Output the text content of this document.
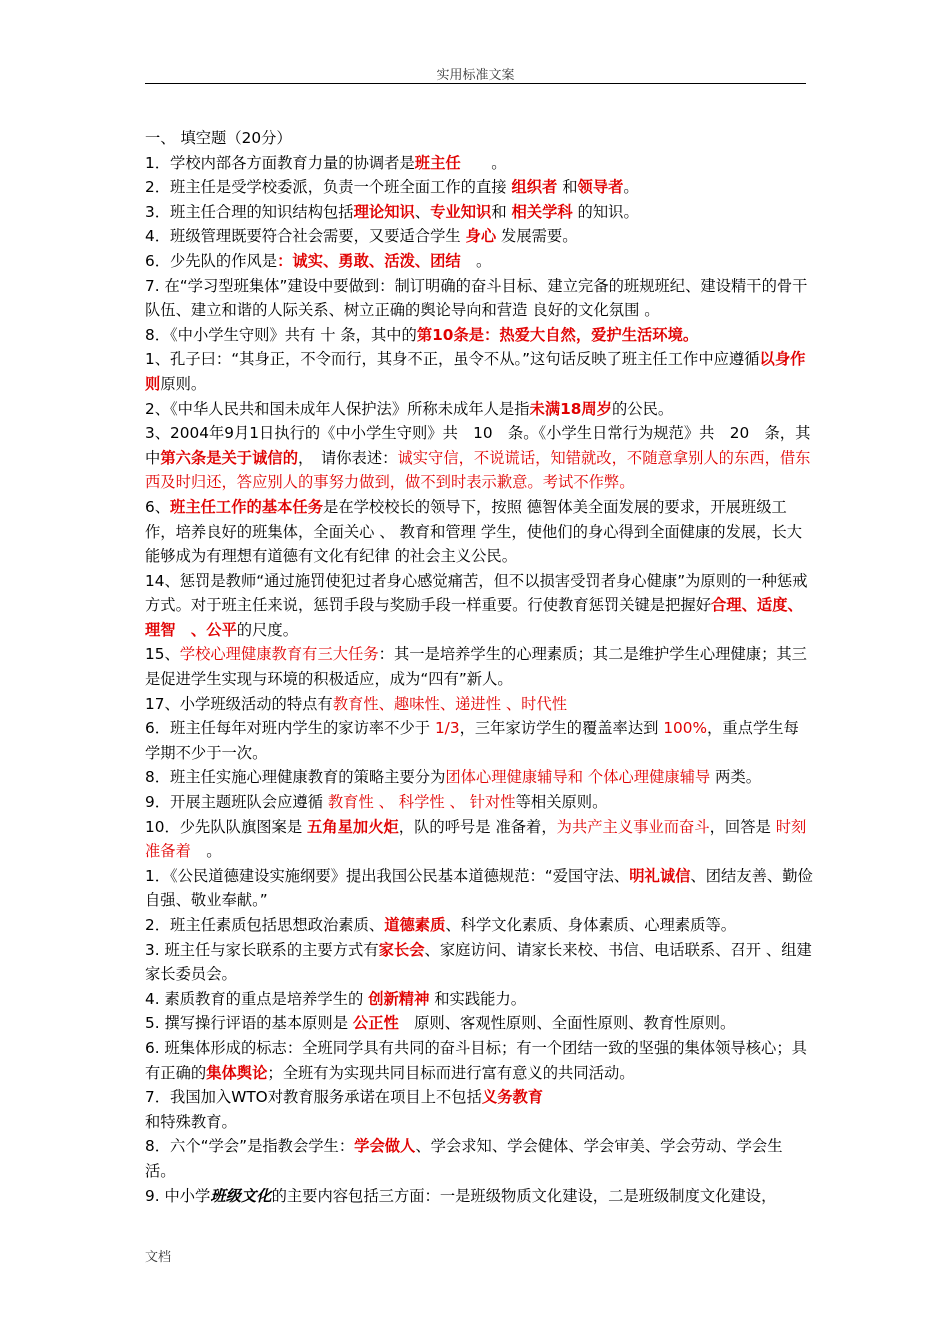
实用标准文案

一、 填空题（20分）

1．学校内部各方面教育力量的协调者是班主任　　。

2．班主任是受学校委派，负责一个班全面工作的直接 组织者 和领导者。

3．班主任合理的知识结构包括理论知识、专业知识和 相关学科 的知识。

4．班级管理既要符合社会需要，又要适合学生 身心 发展需要。

6．少先队的作风是：诚实、勇敢、活泼、团结　。

7. 在“学习型班集体”建设中要做到：制订明确的奋斗目标、建立完备的班规班纪、建设精干的骨干队伍、建立和谐的人际关系、树立正确的舆论导向和营造 良好的文化氛围 。

8．《中小学生守则》共有 十 条，其中的第10条是：热爱大自然，爱护生活环境。

1、孔子曰：“其身正，不令而行，其身不正，虽令不从。”这句话反映了班主任工作中应遵循以身作则原则。

2、《中华人民共和国未成年人保护法》所称未成年人是指未满18周岁的公民。

3、2004年9月1日执行的《中小学生守则》共　10　条。《小学生日常行为规范》共　20　条，其中第六条是关于诚信的，　请你表述：诚实守信，不说谎话，知错就改，不随意拿别人的东西，借东西及时归还，答应别人的事努力做到，做不到时表示歉意。考试不作弊。

6、班主任工作的基本任务是在学校校长的领导下，按照 德智体美全面发展的要求，开展班级工作，培养良好的班集体，全面关心 、 教育和管理 学生，使他们的身心得到全面健康的发展，长大能够成为有理想有道德有文化有纪律 的社会主义公民。

14、惩罚是教师“通过施罚使犯过者身心感觉痛苦，但不以损害受罚者身心健康”为原则的一种惩戒方式。对于班主任来说，惩罚手段与奖励手段一样重要。行使教育惩罚关键是把握好合理、适度、 理智　、公平的尺度。

15、学校心理健康教育有三大任务：其一是培养学生的心理素质；其二是维护学生心理健康；其三是促进学生实现与环境的积极适应，成为“四有”新人。

17、小学班级活动的特点有教育性、趣味性、递进性 、时代性

6．班主任每年对班内学生的家访率不少于 1/3，三年家访学生的覆盖率达到 100%，重点学生每学期不少于一次。

8．班主任实施心理健康教育的策略主要分为团体心理健康辅导和 个体心理健康辅导 两类。

9．开展主题班队会应遵循 教育性 、 科学性 、 针对性等相关原则。

10．少先队队旗图案是 五角星加火炬，队的呼号是 准备着，为共产主义事业而奋斗，回答是 时刻准备着　。

1．《公民道德建设实施纲要》提出我国公民基本道德规范：“爱国守法、明礼诚信、团结友善、勤俭自强、敬业奉献。”

2．班主任素质包括思想政治素质、道德素质、科学文化素质、身体素质、心理素质等。

3. 班主任与家长联系的主要方式有家长会、家庭访问、请家长来校、书信、电话联系、召开 、组建家长委员会。

4. 素质教育的重点是培养学生的 创新精神 和实践能力。

5. 撰写操行评语的基本原则是 公正性　原则、客观性原则、全面性原则、教育性原则。

6. 班集体形成的标志：全班同学具有共同的奋斗目标；有一个团结一致的坚强的集体领导核心；具有正确的集体舆论；全班有为实现共同目标而进行富有意义的共同活动。

7．我国加入WTO对教育服务承诺在项目上不包括义务教育

和特殊教育。

8．六个“学会”是指教会学生：学会做人、学会求知、学会健体、学会审美、学会劳动、学会生活。

9. 中小学班级文化的主要内容包括三方面：一是班级物质文化建设，二是班级制度文化建设，

文档
